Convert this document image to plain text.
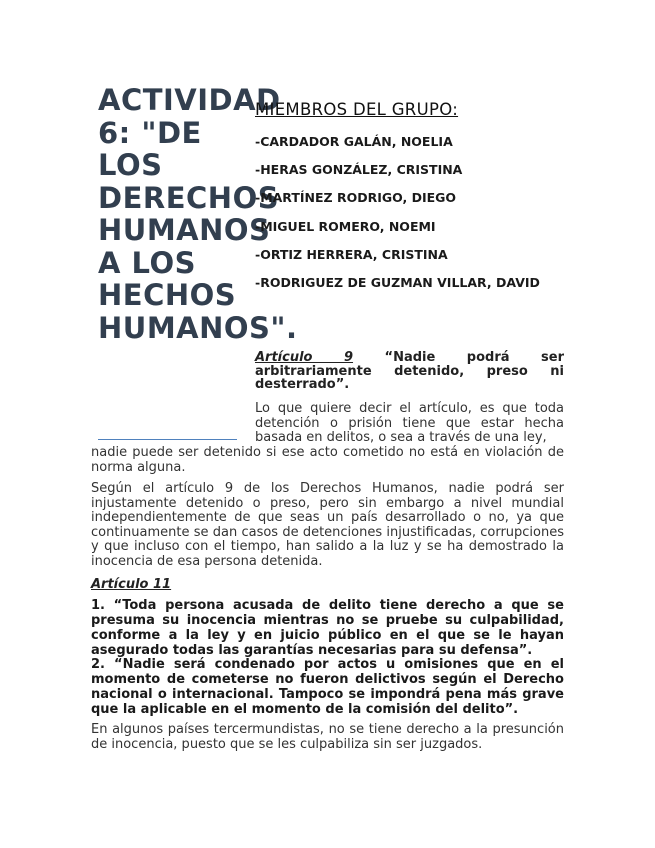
ACTIVIDAD 6: "DE LOS DERECHOS HUMANOS A LOS HECHOS HUMANOS".
MIEMBROS DEL GRUPO:
-CARDADOR GALÁN, NOELIA
-HERAS GONZÁLEZ, CRISTINA
-MARTÍNEZ RODRIGO, DIEGO
-MIGUEL ROMERO, NOEMI
-ORTIZ HERRERA, CRISTINA
-RODRIGUEZ DE GUZMAN VILLAR, DAVID

Artículo 9 “Nadie podrá ser arbitrariamente detenido, preso ni
desterrado”.

Lo que quiere decir el artículo, es que toda detención o prisión tiene que estar hecha basada en delitos, o sea a través de una ley,

nadie puede ser detenido si ese acto cometido no está en violación de norma alguna.

Según el artículo 9 de los Derechos Humanos, nadie podrá ser injustamente detenido o preso, pero sin embargo a nivel mundial independientemente de que seas un país desarrollado o no, ya que continuamente se dan casos de detenciones injustificadas, corrupciones y que incluso con el tiempo, han salido a la luz y se ha demostrado la inocencia de esa persona detenida.

Artículo 11

1. “Toda persona acusada de delito tiene derecho a que se presuma su inocencia mientras no se pruebe su culpabilidad, conforme a la ley y en juicio público en el que se le hayan asegurado todas las garantías necesarias para su defensa”.

2. “Nadie será condenado por actos u omisiones que en el momento de cometerse no fueron delictivos según el Derecho nacional o internacional. Tampoco se impondrá pena más grave que la aplicable en el momento de la comisión del delito”.

En algunos países tercermundistas, no se tiene derecho a la presunción de inocencia, puesto que se les culpabiliza sin ser juzgados.
